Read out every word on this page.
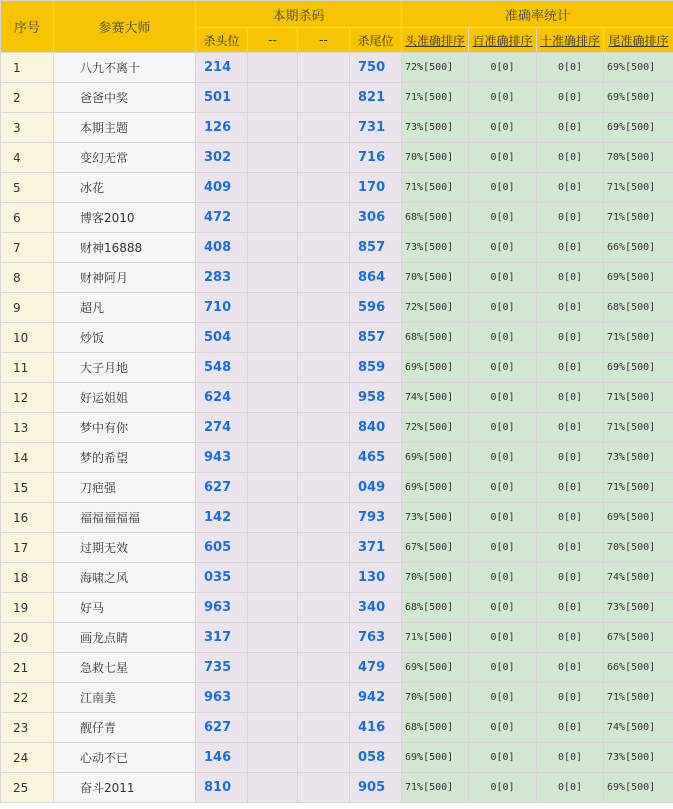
序号	参赛大师	本期杀码				准确率统计			
		杀头位	--	--	杀尾位	头准确排序	百准确排序	十准确排序	尾准确排序
1	八九不离十	214			750	72%[500]	0[0]	0[0]	69%[500]
2	爸爸中奖	501			821	71%[500]	0[0]	0[0]	69%[500]
3	本期主题	126			731	73%[500]	0[0]	0[0]	69%[500]
4	变幻无常	302			716	70%[500]	0[0]	0[0]	70%[500]
5	冰花	409			170	71%[500]	0[0]	0[0]	71%[500]
6	博客2010	472			306	68%[500]	0[0]	0[0]	71%[500]
7	财神16888	408			857	73%[500]	0[0]	0[0]	66%[500]
8	财神阿月	283			864	70%[500]	0[0]	0[0]	69%[500]
9	超凡	710			596	72%[500]	0[0]	0[0]	68%[500]
10	炒饭	504			857	68%[500]	0[0]	0[0]	71%[500]
11	大子月地	548			859	69%[500]	0[0]	0[0]	69%[500]
12	好运姐姐	624			958	74%[500]	0[0]	0[0]	71%[500]
13	梦中有你	274			840	72%[500]	0[0]	0[0]	71%[500]
14	梦的希望	943			465	69%[500]	0[0]	0[0]	73%[500]
15	刀疤强	627			049	69%[500]	0[0]	0[0]	71%[500]
16	福福福福福	142			793	73%[500]	0[0]	0[0]	69%[500]
17	过期无效	605			371	67%[500]	0[0]	0[0]	70%[500]
18	海啸之风	035			130	70%[500]	0[0]	0[0]	74%[500]
19	好马	963			340	68%[500]	0[0]	0[0]	73%[500]
20	画龙点睛	317			763	71%[500]	0[0]	0[0]	67%[500]
21	急救七星	735			479	69%[500]	0[0]	0[0]	66%[500]
22	江南美	963			942	70%[500]	0[0]	0[0]	71%[500]
23	靓仔青	627			416	68%[500]	0[0]	0[0]	74%[500]
24	心动不已	146			058	69%[500]	0[0]	0[0]	73%[500]
25	奋斗2011	810			905	71%[500]	0[0]	0[0]	69%[500]
